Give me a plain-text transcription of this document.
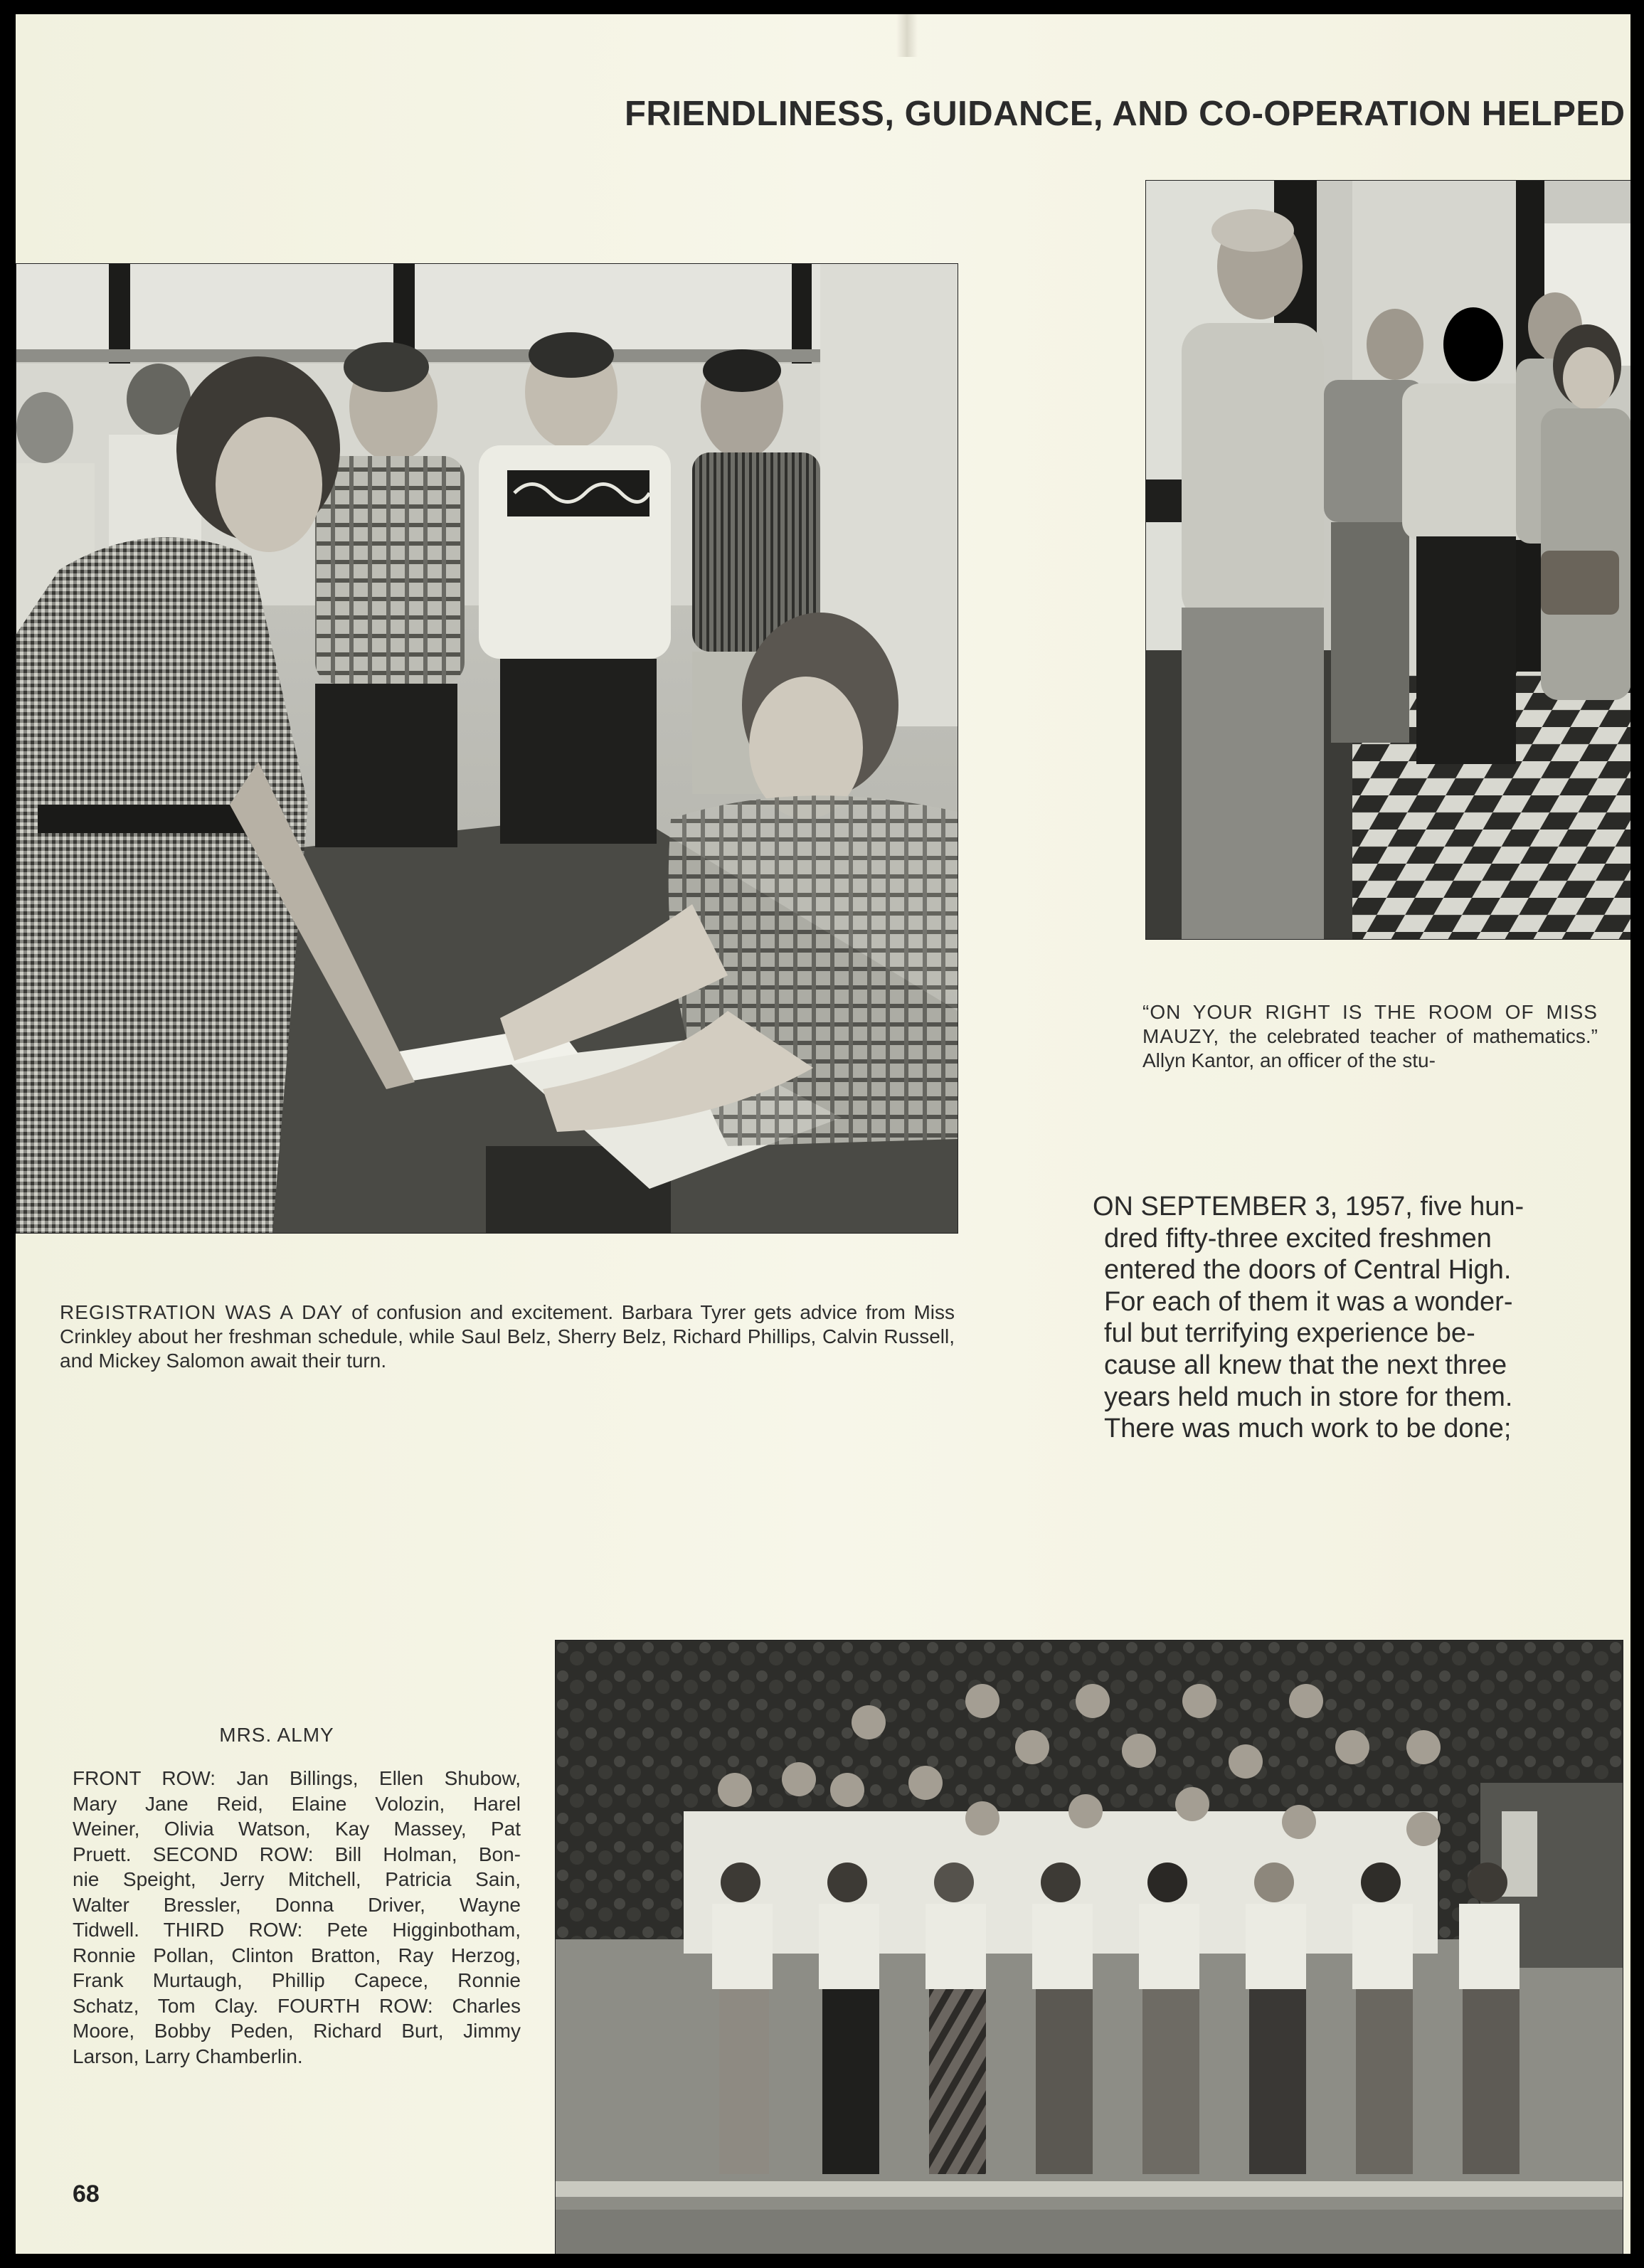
FRIENDLINESS, GUIDANCE, AND CO-OPERATION HELPED

REGISTRATION WAS A DAY of confusion and excitement. Barbara Tyrer gets advice from Miss Crinkley about her freshman schedule, while Saul Belz, Sherry Belz, Richard Phillips, Calvin Russell, and Mickey Salomon await their turn.

“ON YOUR RIGHT IS THE ROOM OF MISS MAUZY, the celebrated teacher of mathematics.” Allyn Kantor, an officer of the stu-

ON SEPTEMBER 3, 1957, five hun-
dred fifty-three excited freshmen
entered the doors of Central High.
For each of them it was a wonder-
ful but terrifying experience be-
cause all knew that the next three
years held much in store for them.
There was much work to be done;
MRS. ALMY
FRONT ROW: Jan Billings, Ellen Shubow,
Mary Jane Reid, Elaine Volozin, Harel
Weiner, Olivia Watson, Kay Massey, Pat
Pruett. SECOND ROW: Bill Holman, Bon-
nie Speight, Jerry Mitchell, Patricia Sain,
Walter Bressler, Donna Driver, Wayne
Tidwell. THIRD ROW: Pete Higginbotham,
Ronnie Pollan, Clinton Bratton, Ray Herzog,
Frank Murtaugh, Phillip Capece, Ronnie
Schatz, Tom Clay. FOURTH ROW: Charles
Moore, Bobby Peden, Richard Burt, Jimmy
Larson, Larry Chamberlin.
68
